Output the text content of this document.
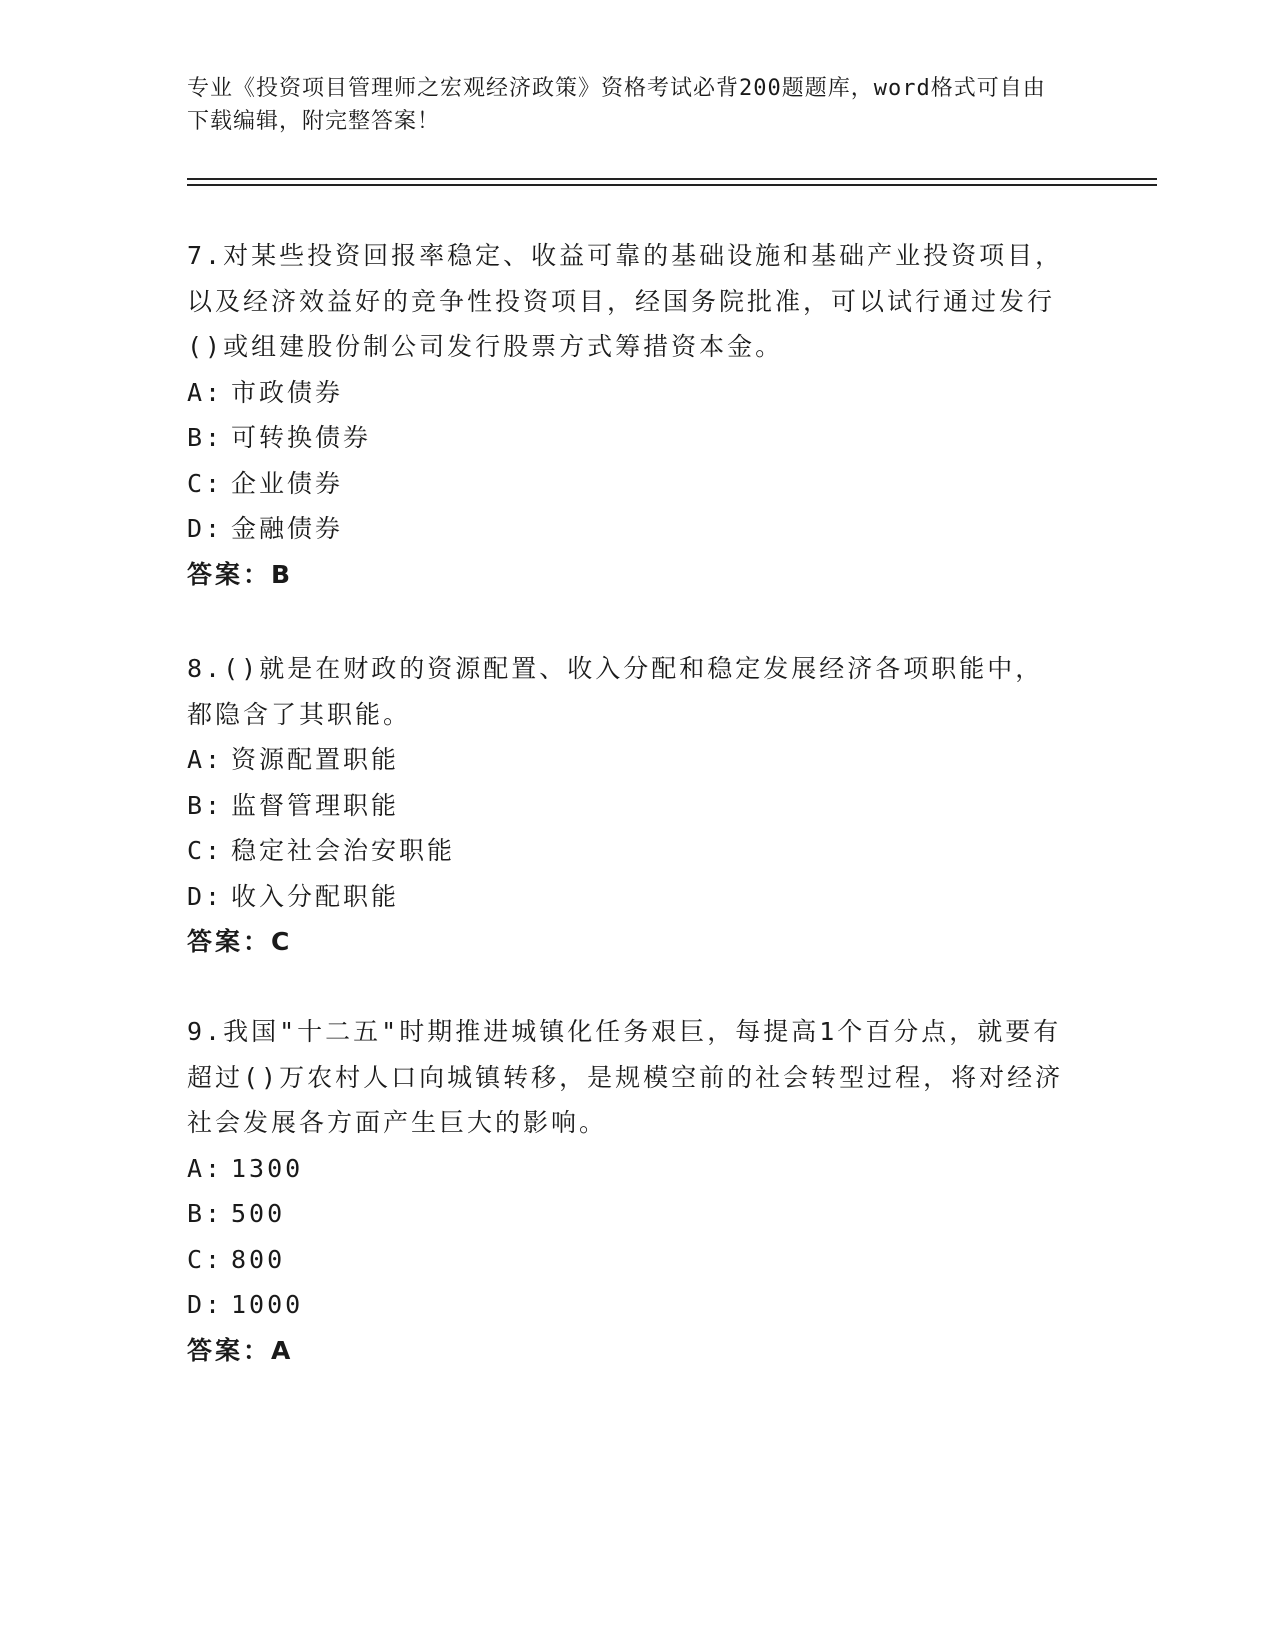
专业《投资项目管理师之宏观经济政策》资格考试必背200题题库，word格式可自由下载编辑，附完整答案！

7.对某些投资回报率稳定、收益可靠的基础设施和基础产业投资项目，以及经济效益好的竞争性投资项目，经国务院批准，可以试行通过发行()或组建股份制公司发行股票方式筹措资本金。

A: 市政债券
B: 可转换债券
C: 企业债券
D: 金融债券

答案：B

8.()就是在财政的资源配置、收入分配和稳定发展经济各项职能中，都隐含了其职能。

A: 资源配置职能
B: 监督管理职能
C: 稳定社会治安职能
D: 收入分配职能

答案：C

9.我国"十二五"时期推进城镇化任务艰巨，每提高1个百分点，就要有超过()万农村人口向城镇转移，是规模空前的社会转型过程，将对经济社会发展各方面产生巨大的影响。

A: 1300
B: 500
C: 800
D: 1000

答案：A
